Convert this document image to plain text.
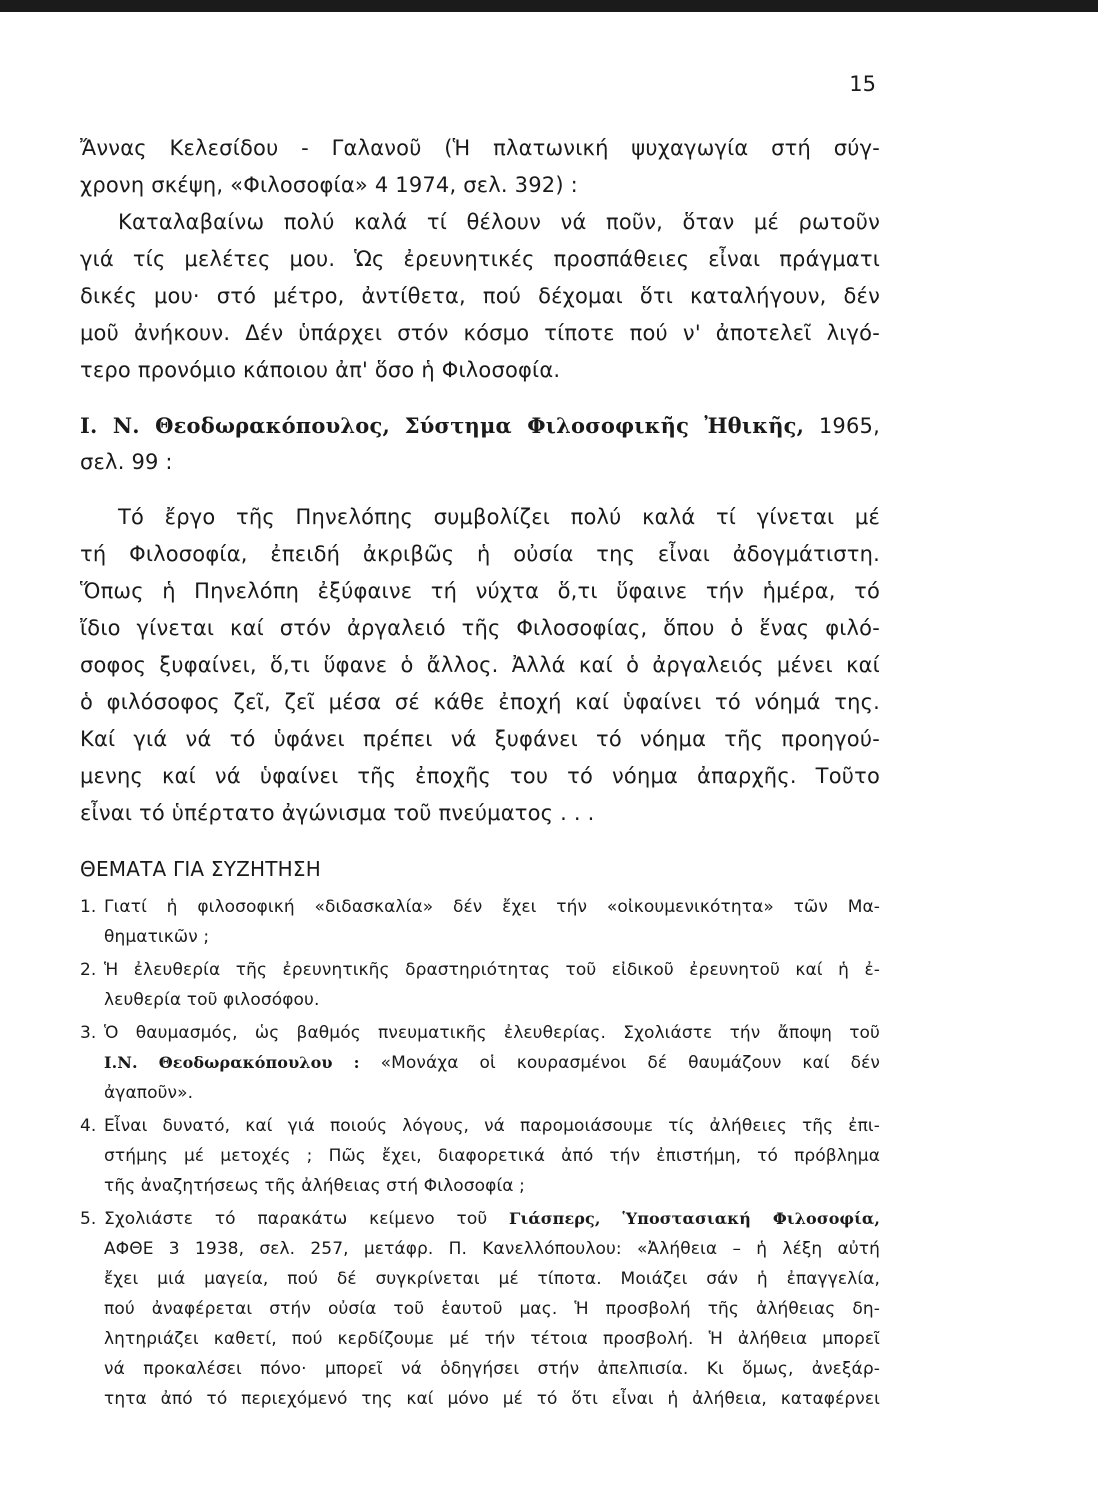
15
Ἄννας Κελεσίδου - Γαλανοῦ (Ἡ πλατωνική ψυχαγωγία στή σύγ-
χρονη σκέψη, «Φιλοσοφία» 4 1974, σελ. 392) :
Καταλαβαίνω πολύ καλά τί θέλουν νά ποῦν, ὅταν μέ ρωτοῦν
γιά τίς μελέτες μου. Ὡς ἐρευνητικές προσπάθειες εἶναι πράγματι
δικές μου· στό μέτρο, ἀντίθετα, πού δέχομαι ὅτι καταλήγουν, δέν
μοῦ ἀνήκουν. Δέν ὑπάρχει στόν κόσμο τίποτε πού ν' ἀποτελεῖ λιγό-
τερο προνόμιο κάποιου ἀπ' ὅσο ἡ Φιλοσοφία.
Ι. Ν. Θεοδωρακόπουλος, Σύστημα Φιλοσοφικῆς Ἠθικῆς, 1965,
σελ. 99 :
Τό ἔργο τῆς Πηνελόπης συμβολίζει πολύ καλά τί γίνεται μέ
τή Φιλοσοφία, ἐπειδή ἀκριβῶς ἡ οὐσία της εἶναι ἀδογμάτιστη.
Ὅπως ἡ Πηνελόπη ἐξύφαινε τή νύχτα ὅ,τι ὕφαινε τήν ἡμέρα, τό
ἴδιο γίνεται καί στόν ἀργαλειό τῆς Φιλοσοφίας, ὅπου ὁ ἕνας φιλό-
σοφος ξυφαίνει, ὅ,τι ὕφανε ὁ ἄλλος. Ἀλλά καί ὁ ἀργαλειός μένει καί
ὁ φιλόσοφος ζεῖ, ζεῖ μέσα σέ κάθε ἐποχή καί ὑφαίνει τό νόημά της.
Καί γιά νά τό ὑφάνει πρέπει νά ξυφάνει τό νόημα τῆς προηγού-
μενης καί νά ὑφαίνει τῆς ἐποχῆς του τό νόημα ἀπαρχῆς. Τοῦτο
εἶναι τό ὑπέρτατο ἀγώνισμα τοῦ πνεύματος . . .
ΘΕΜΑΤΑ ΓΙΑ ΣΥΖΗΤΗΣΗ
1. Γιατί ἡ φιλοσοφική «διδασκαλία» δέν ἔχει τήν «οἰκουμενικότητα» τῶν Μα-
θηματικῶν ;
2. Ἡ ἐλευθερία τῆς ἐρευνητικῆς δραστηριότητας τοῦ εἰδικοῦ ἐρευνητοῦ καί ἡ ἐ-
λευθερία τοῦ φιλοσόφου.
3. Ὁ θαυμασμός, ὡς βαθμός πνευματικῆς ἐλευθερίας. Σχολιάστε τήν ἄποψη τοῦ
Ι.Ν. Θεοδωρακόπουλου : «Μονάχα οἱ κουρασμένοι δέ θαυμάζουν καί δέν
ἀγαποῦν».
4. Εἶναι δυνατό, καί γιά ποιούς λόγους, νά παρομοιάσουμε τίς ἀλήθειες τῆς ἐπι-
στήμης μέ μετοχές ; Πῶς ἔχει, διαφορετικά ἀπό τήν ἐπιστήμη, τό πρόβλημα
τῆς ἀναζητήσεως τῆς ἀλήθειας στή Φιλοσοφία ;
5. Σχολιάστε τό παρακάτω κείμενο τοῦ Γιάσπερς, Ὑποστασιακή Φιλοσοφία,
ΑΦΘΕ 3 1938, σελ. 257, μετάφρ. Π. Κανελλόπουλου: «Ἀλήθεια – ἡ λέξη αὐτή
ἔχει μιά μαγεία, πού δέ συγκρίνεται μέ τίποτα. Μοιάζει σάν ἡ ἐπαγγελία,
πού ἀναφέρεται στήν οὐσία τοῦ ἑαυτοῦ μας. Ἡ προσβολή τῆς ἀλήθειας δη-
λητηριάζει καθετί, πού κερδίζουμε μέ τήν τέτοια προσβολή. Ἡ ἀλήθεια μπορεῖ
νά προκαλέσει πόνο· μπορεῖ νά ὁδηγήσει στήν ἀπελπισία. Κι ὅμως, ἀνεξάρ-
τητα ἀπό τό περιεχόμενό της καί μόνο μέ τό ὅτι εἶναι ἡ ἀλήθεια, καταφέρνει
